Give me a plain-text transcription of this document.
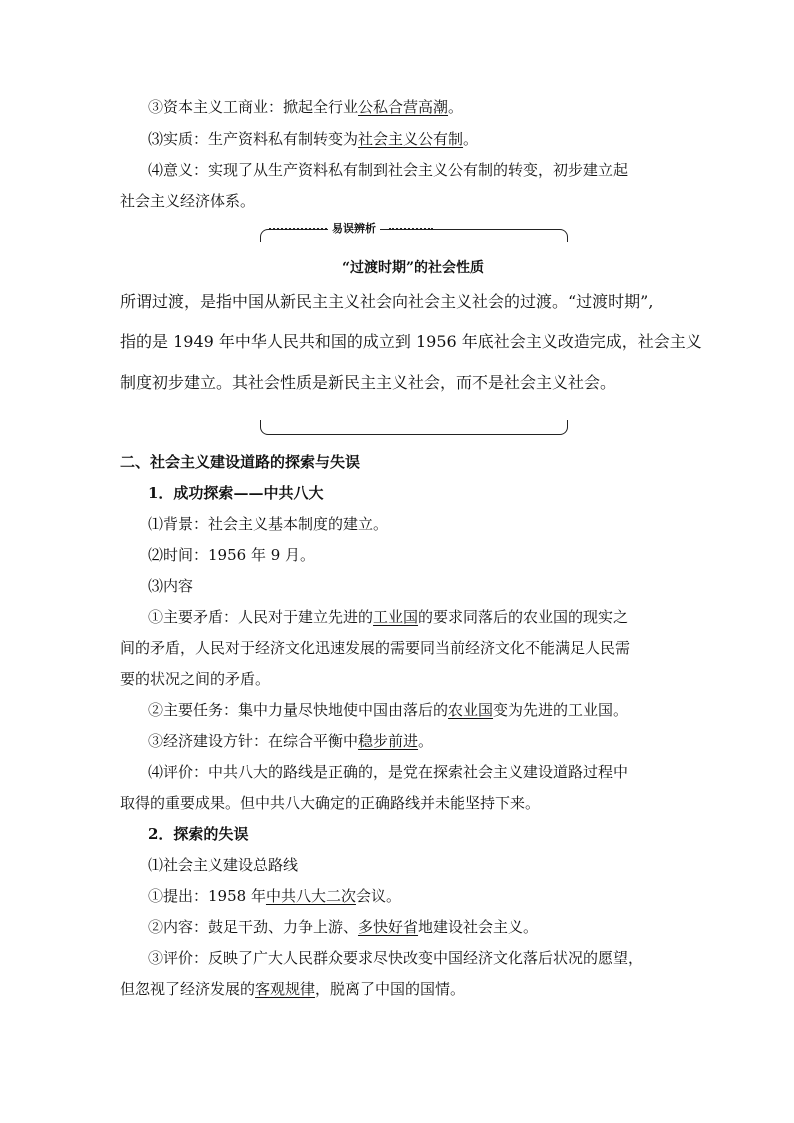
③资本主义工商业：掀起全行业公私合营高潮。
⑶实质：生产资料私有制转变为社会主义公有制。
⑷意义：实现了从生产资料私有制到社会主义公有制的转变，初步建立起
社会主义经济体系。
易误辨析
“过渡时期”的社会性质
所谓过渡，是指中国从新民主主义社会向社会主义社会的过渡。“过渡时期”,
指的是 1949 年中华人民共和国的成立到 1956 年底社会主义改造完成，社会主义
制度初步建立。其社会性质是新民主主义社会，而不是社会主义社会。
二、社会主义建设道路的探索与失误
1．成功探索——中共八大
⑴背景：社会主义基本制度的建立。
⑵时间：1956 年 9 月。
⑶内容
①主要矛盾：人民对于建立先进的工业国的要求同落后的农业国的现实之
间的矛盾，人民对于经济文化迅速发展的需要同当前经济文化不能满足人民需
要的状况之间的矛盾。
②主要任务：集中力量尽快地使中国由落后的农业国变为先进的工业国。
③经济建设方针：在综合平衡中稳步前进。
⑷评价：中共八大的路线是正确的，是党在探索社会主义建设道路过程中
取得的重要成果。但中共八大确定的正确路线并未能坚持下来。
2．探索的失误
⑴社会主义建设总路线
①提出：1958 年中共八大二次会议。
②内容：鼓足干劲、力争上游、多快好省地建设社会主义。
③评价：反映了广大人民群众要求尽快改变中国经济文化落后状况的愿望，
但忽视了经济发展的客观规律，脱离了中国的国情。
